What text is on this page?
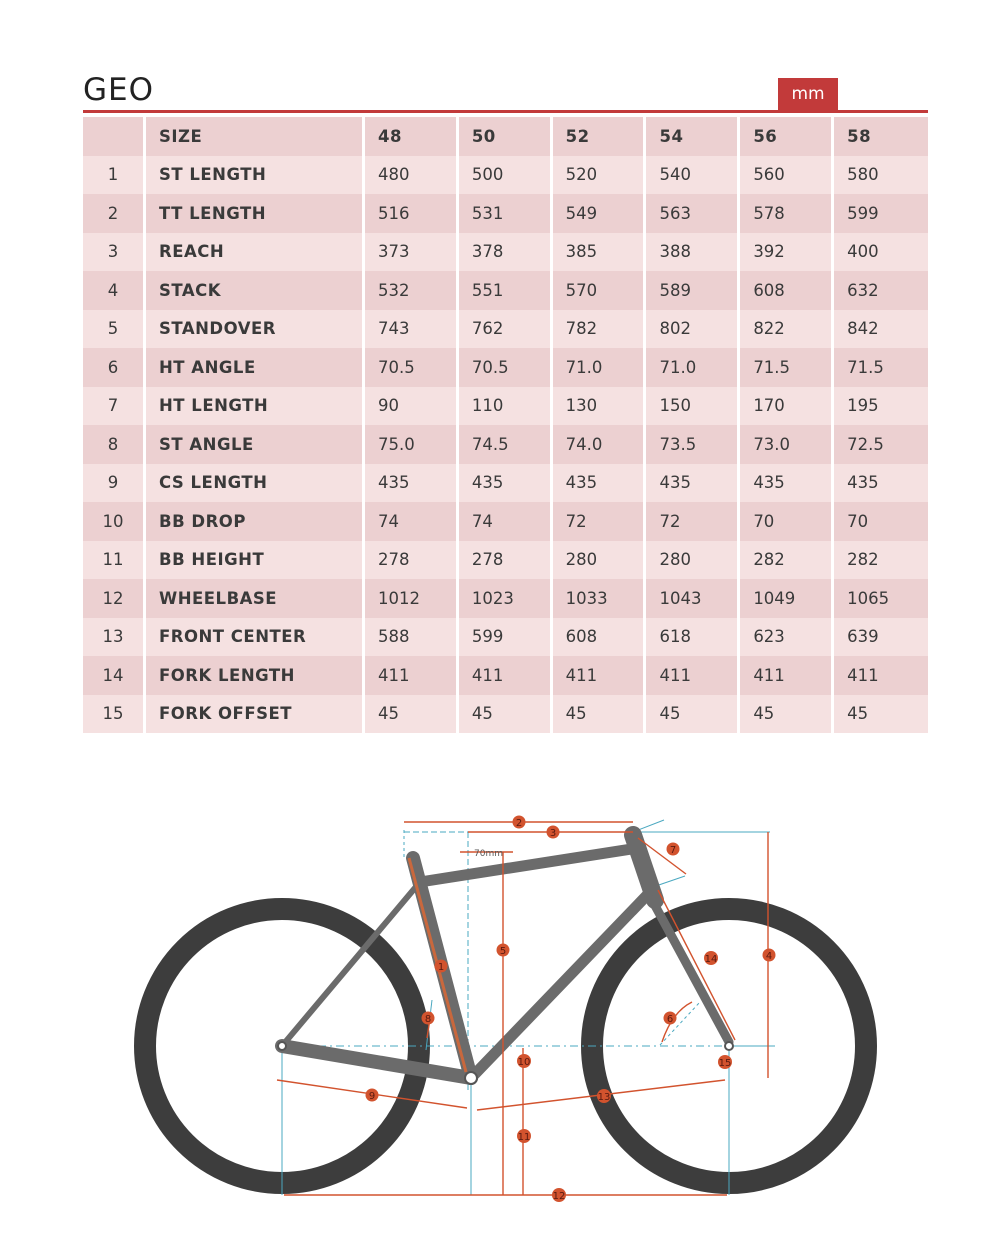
GEO	mm
	SIZE	48	50	52	54	56	58
1	ST LENGTH	480	500	520	540	560	580
2	TT LENGTH	516	531	549	563	578	599
3	REACH	373	378	385	388	392	400
4	STACK	532	551	570	589	608	632
5	STANDOVER	743	762	782	802	822	842
6	HT ANGLE	70.5	70.5	71.0	71.0	71.5	71.5
7	HT LENGTH	90	110	130	150	170	195
8	ST ANGLE	75.0	74.5	74.0	73.5	73.0	72.5
9	CS LENGTH	435	435	435	435	435	435
10	BB DROP	74	74	72	72	70	70
11	BB HEIGHT	278	278	280	280	282	282
12	WHEELBASE	1012	1023	1033	1043	1049	1065
13	FRONT CENTER	588	599	608	618	623	639
14	FORK LENGTH	411	411	411	411	411	411
15	FORK OFFSET	45	45	45	45	45	45
70mm
1
2
3
4
5
6
7
8
9
10
11
12
13
14
15
